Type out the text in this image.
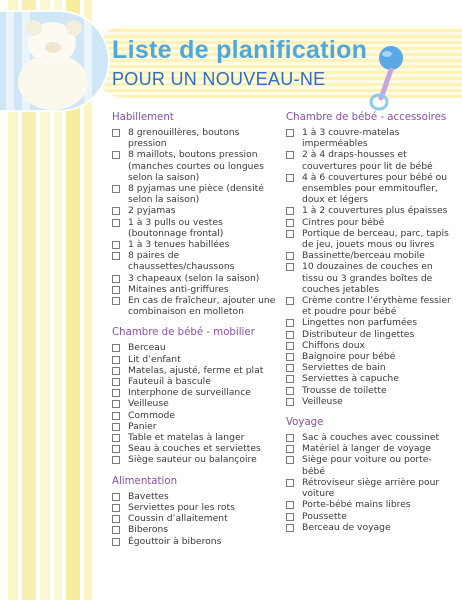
Liste de planification
POUR UN NOUVEAU-NE
Habillement
8 grenouillères, boutons pression
8 maillots, boutons pression (manches courtes ou longues selon la saison)
8 pyjamas une pièce (densité selon la saison)
2 pyjamas
1 à 3 pulls ou vestes (boutonnage frontal)
1 à 3 tenues habillées
8 paires de chaussettes/chaussons
3 chapeaux (selon la saison)
Mitaines anti-griffures
En cas de fraîcheur, ajouter une combinaison en molleton
Chambre de bébé - mobilier
Berceau
Lit d’enfant
Matelas, ajusté, ferme et plat
Fauteuil à bascule
Interphone de surveillance
Veilleuse
Commode
Panier
Table et matelas à langer
Seau à couches et serviettes
Siège sauteur ou balançoire
Alimentation
Bavettes
Serviettes pour les rots
Coussin d’allaitement
Biberons
Égouttoir à biberons
Chambre de bébé - accessoires
1 à 3 couvre-matelas imperméables
2 à 4 draps-housses et couvertures pour lit de bébé
4 à 6 couvertures pour bébé ou ensembles pour emmitoufler, doux et légers
1 à 2 couvertures plus épaisses
Cintres pour bébé
Portique de berceau, parc, tapis de jeu, jouets mous ou livres
Bassinette/berceau mobile
10 douzaines de couches en tissu ou 3 grandes boîtes de couches jetables
Crème contre l’érythème fessier et poudre pour bébé
Lingettes non parfumées
Distributeur de lingettes
Chiffons doux
Baignoire pour bébé
Serviettes de bain
Serviettes à capuche
Trousse de toilette
Veilleuse
Voyage
Sac à couches avec coussinet
Matériel à langer de voyage
Siège pour voiture ou porte-bébé
Rétroviseur siège arrière pour voiture
Porte-bébé mains libres
Poussette
Berceau de voyage
